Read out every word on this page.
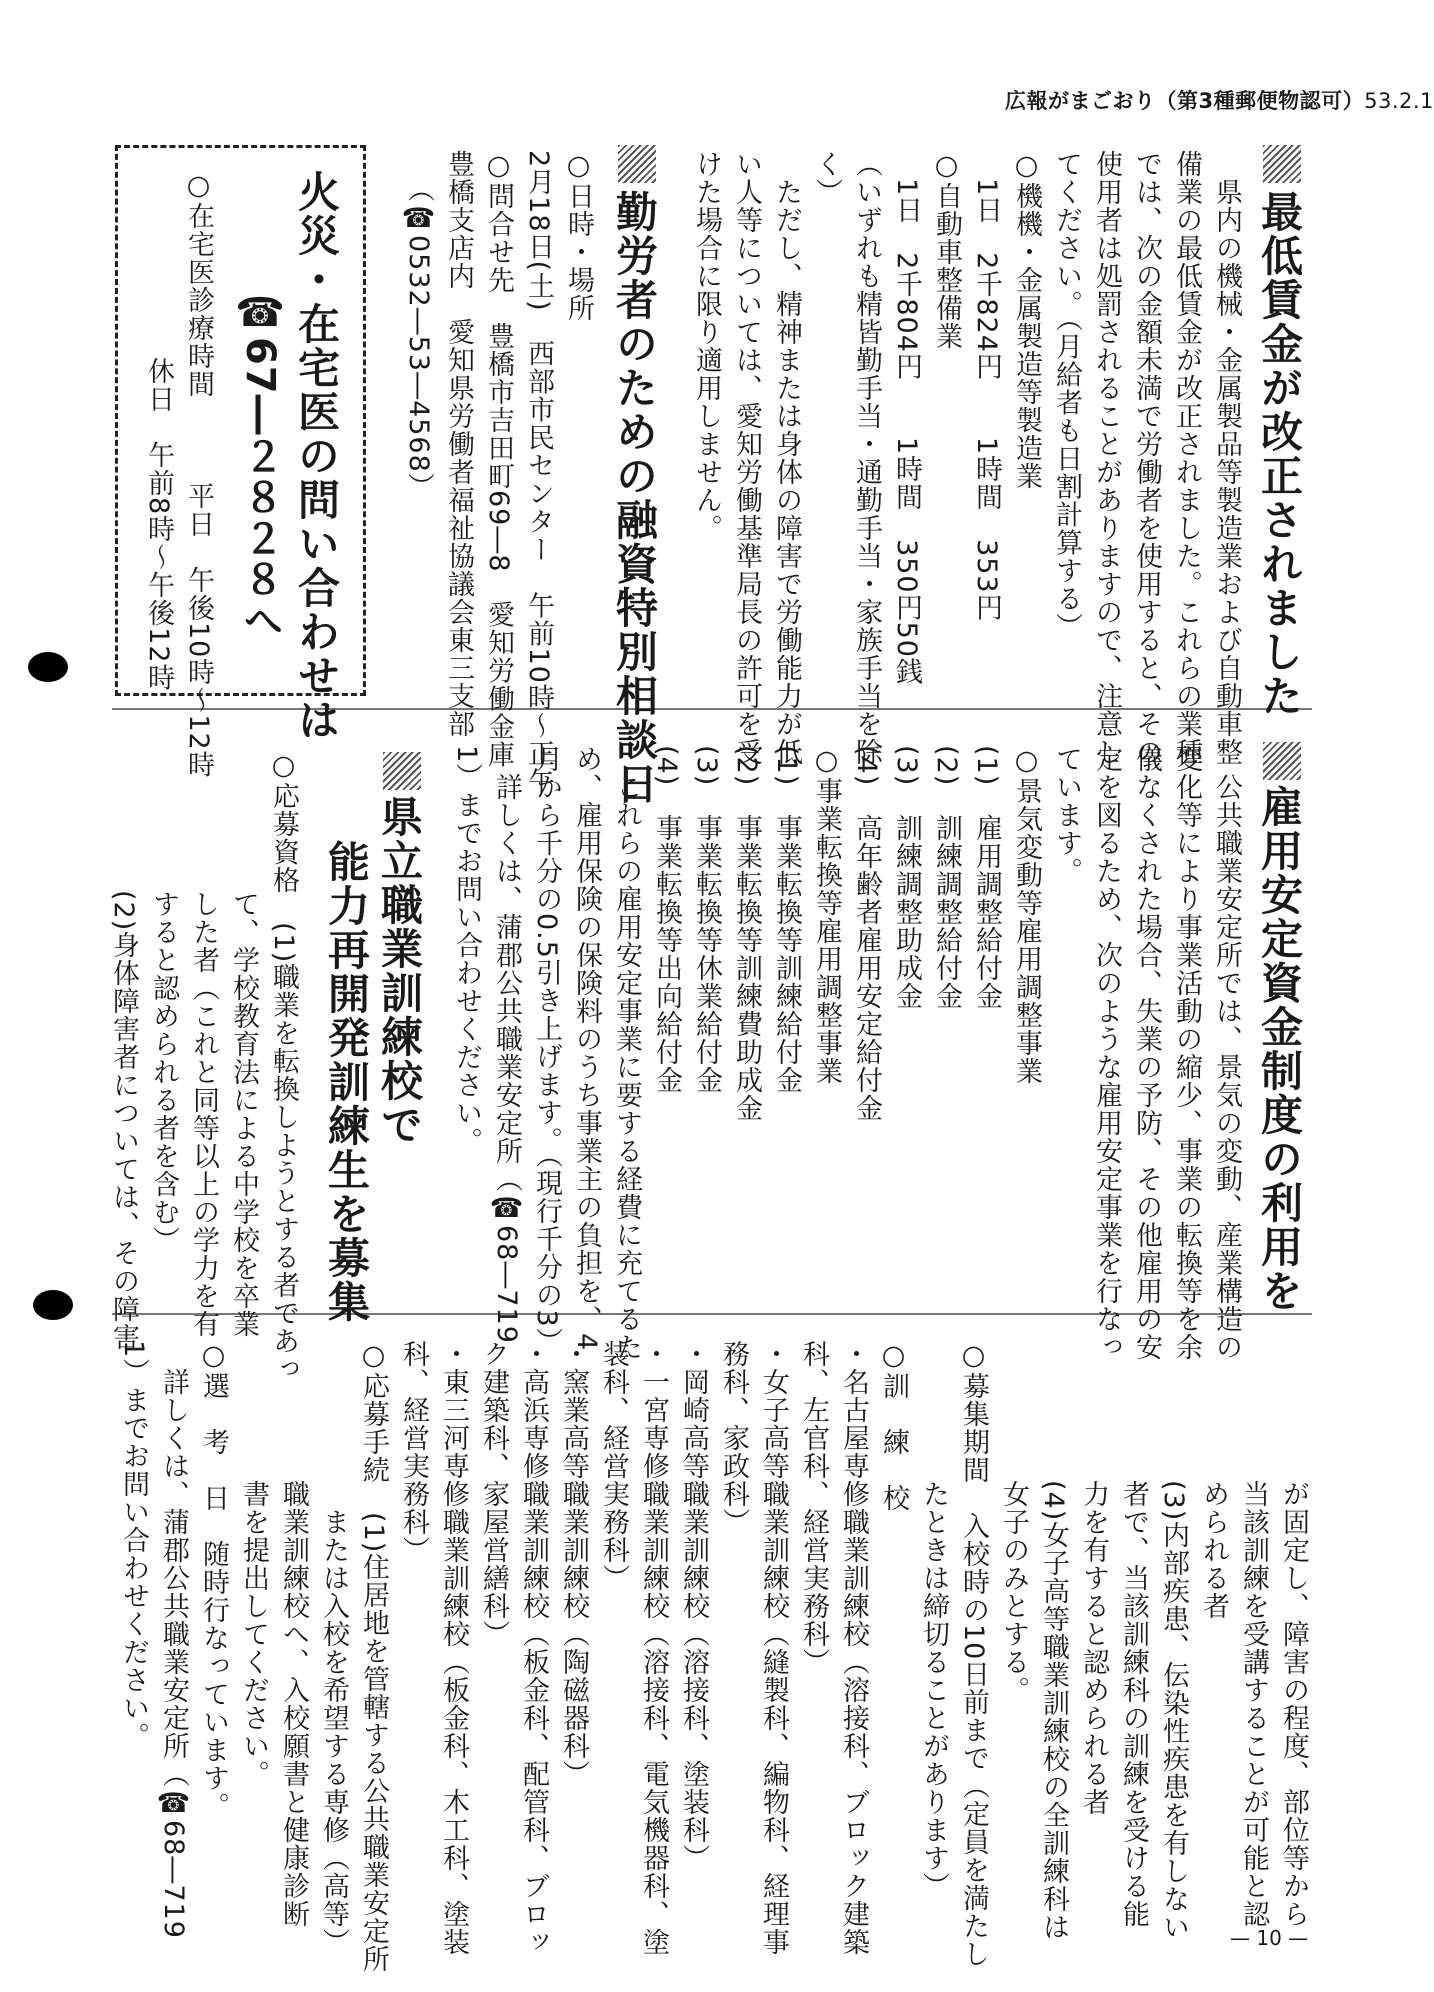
広報がまごおり（第3種郵便物認可）53.2.1
最低賃金が改正されました
　県内の機械・金属製品等製造業および自動車整
備業の最低賃金が改正されました。これらの業種
では、次の金額未満で労働者を使用すると、その
使用者は処罰されることがありますので、注意し
てください。（月給者も日割計算する）
○機機・金属製造等製造業
　1日　2千824円　　1時間　353円
○自動車整備業
　1日　2千804円　　1時間　350円50銭
（いずれも精皆勤手当・通勤手当・家族手当を除
く）
　ただし、精神または身体の障害で労働能力が低
い人等については、愛知労働基準局長の許可を受
けた場合に限り適用しません。
勤労者のための融資特別相談日
○日時・場所
2月18日(土)　西部市民センター　午前10時～正午
○問合せ先　豊橋市吉田町69―8　愛知労働金庫
豊橋支店内　愛知県労働者福祉協議会東三支部
（☎0532―53―4568）
火災・在宅医の問い合わせは
☎67―２８２８へ
○在宅医診療時間
　　　　平日　午後10時～12時
　　　　休日　午前8時～午後12時
雇用安定資金制度の利用を
　公共職業安定所では、景気の変動、産業構造の
変化等により事業活動の縮少、事業の転換等を余
儀なくされた場合、失業の予防、その他雇用の安
定を図るため、次のような雇用安定事業を行なっ
ています。
○景気変動等雇用調整事業
(1)　雇用調整給付金
(2)　訓練調整給付金
(3)　訓練調整助成金
(4)　高年齢者雇用安定給付金
○事業転換等雇用調整事業
(1)　事業転換等訓練給付金
(2)　事業転換等訓練費助成金
(3)　事業転換等休業給付金
(4)　事業転換等出向給付金
　これらの雇用安定事業に要する経費に充てるた
め、雇用保険の保険料のうち事業主の負担を、4
月から千分の0.5引き上げます。（現行千分の3）
　詳しくは、蒲郡公共職業安定所（☎68―719
1）までお問い合わせください。
県立職業訓練校で
能力再開発訓練生を募集
○応募資格　(1)職業を転換しようとする者であっ
　　　　　て、学校教育法による中学校を卒業
　　　　　した者（これと同等以上の学力を有
　　　　　すると認められる者を含む）
　　　　　(2)身体障害者については、その障害
　　　　　が固定し、障害の程度、部位等から
　　　　　当該訓練を受講することが可能と認
　　　　　められる者
　　　　　(3)内部疾患、伝染性疾患を有しない
　　　　　者で、当該訓練科の訓練を受ける能
　　　　　力を有すると認められる者
　　　　　(4)女子高等職業訓練校の全訓練科は
　　　　　女子のみとする。
○募集期間　入校時の10日前まで（定員を満たし
　　　　　たときは締切ることがあります）
○訓　練　校
・名古屋専修職業訓練校（溶接科、ブロック建築
科、左官科、経営実務科）
・女子高等職業訓練校（縫製科、編物科、経理事
務科、家政科）
・岡崎高等職業訓練校（溶接科、塗装科）
・一宮専修職業訓練校（溶接科、電気機器科、塗
装科、経営実務科）
・窯業高等職業訓練校（陶磁器科）
・高浜専修職業訓練校（板金科、配管科、ブロッ
ク建築科、家屋営繕科）
・東三河専修職業訓練校（板金科、木工科、塗装
科、経営実務科）
○応募手続　(1)住居地を管轄する公共職業安定所
　　　　　　または入校を希望する専修（高等）
　　　　　職業訓練校へ、入校願書と健康診断
　　　　　書を提出してください。
○選　考　日　随時行なっています。
　詳しくは、蒲郡公共職業安定所（☎68―719
1）までお問い合わせください。
— 10 —
